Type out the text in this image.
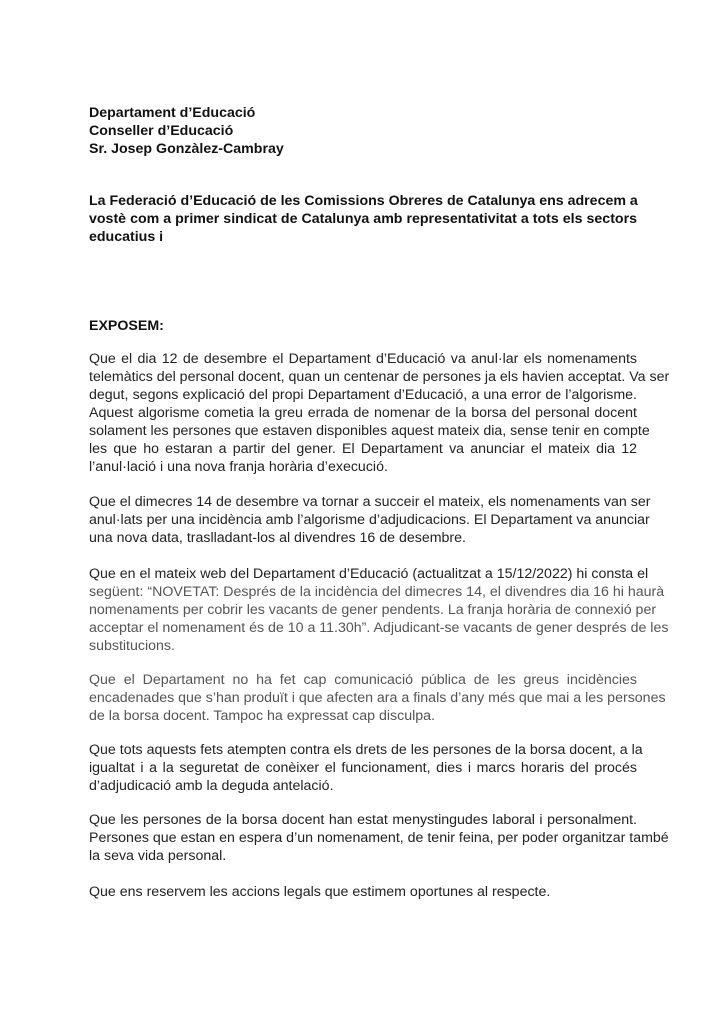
Departament d’Educació
Conseller d’Educació
Sr. Josep Gonzàlez-Cambray
La Federació d’Educació de les Comissions Obreres de Catalunya ens adrecem a
vostè com a primer sindicat de Catalunya amb representativitat a tots els sectors
educatius i
EXPOSEM:
Que el dia 12 de desembre el Departament d’Educació va anul·lar els nomenaments
telemàtics del personal docent, quan un centenar de persones ja els havien acceptat. Va ser
degut, segons explicació del propi Departament d’Educació, a una error de l’algorisme.
Aquest algorisme cometia la greu errada de nomenar de la borsa del personal docent
solament les persones que estaven disponibles aquest mateix dia, sense tenir en compte
les que ho estaran a partir del gener. El Departament va anunciar el mateix dia 12
l’anul·lació i una nova franja horària d’execució.
Que el dimecres 14 de desembre va tornar a succeir el mateix, els nomenaments van ser
anul·lats per una incidència amb l’algorisme d’adjudicacions. El Departament va anunciar
una nova data, traslladant-los al divendres 16 de desembre.
Que en el mateix web del Departament d’Educació (actualitzat a 15/12/2022) hi consta el
següent: “NOVETAT: Després de la incidència del dimecres 14, el divendres dia 16 hi haurà
nomenaments per cobrir les vacants de gener pendents. La franja horària de connexió per
acceptar el nomenament és de 10 a 11.30h”. Adjudicant-se vacants de gener després de les
substitucions.
Que el Departament no ha fet cap comunicació pública de les greus incidències
encadenades que s’han produït i que afecten ara a finals d’any més que mai a les persones
de la borsa docent. Tampoc ha expressat cap disculpa.
Que tots aquests fets atempten contra els drets de les persones de la borsa docent, a la
igualtat i a la seguretat de conèixer el funcionament, dies i marcs horaris del procés
d’adjudicació amb la deguda antelació.
Que les persones de la borsa docent han estat menystingudes laboral i personalment.
Persones que estan en espera d’un nomenament, de tenir feina, per poder organitzar també
la seva vida personal.
Que ens reservem les accions legals que estimem oportunes al respecte.
